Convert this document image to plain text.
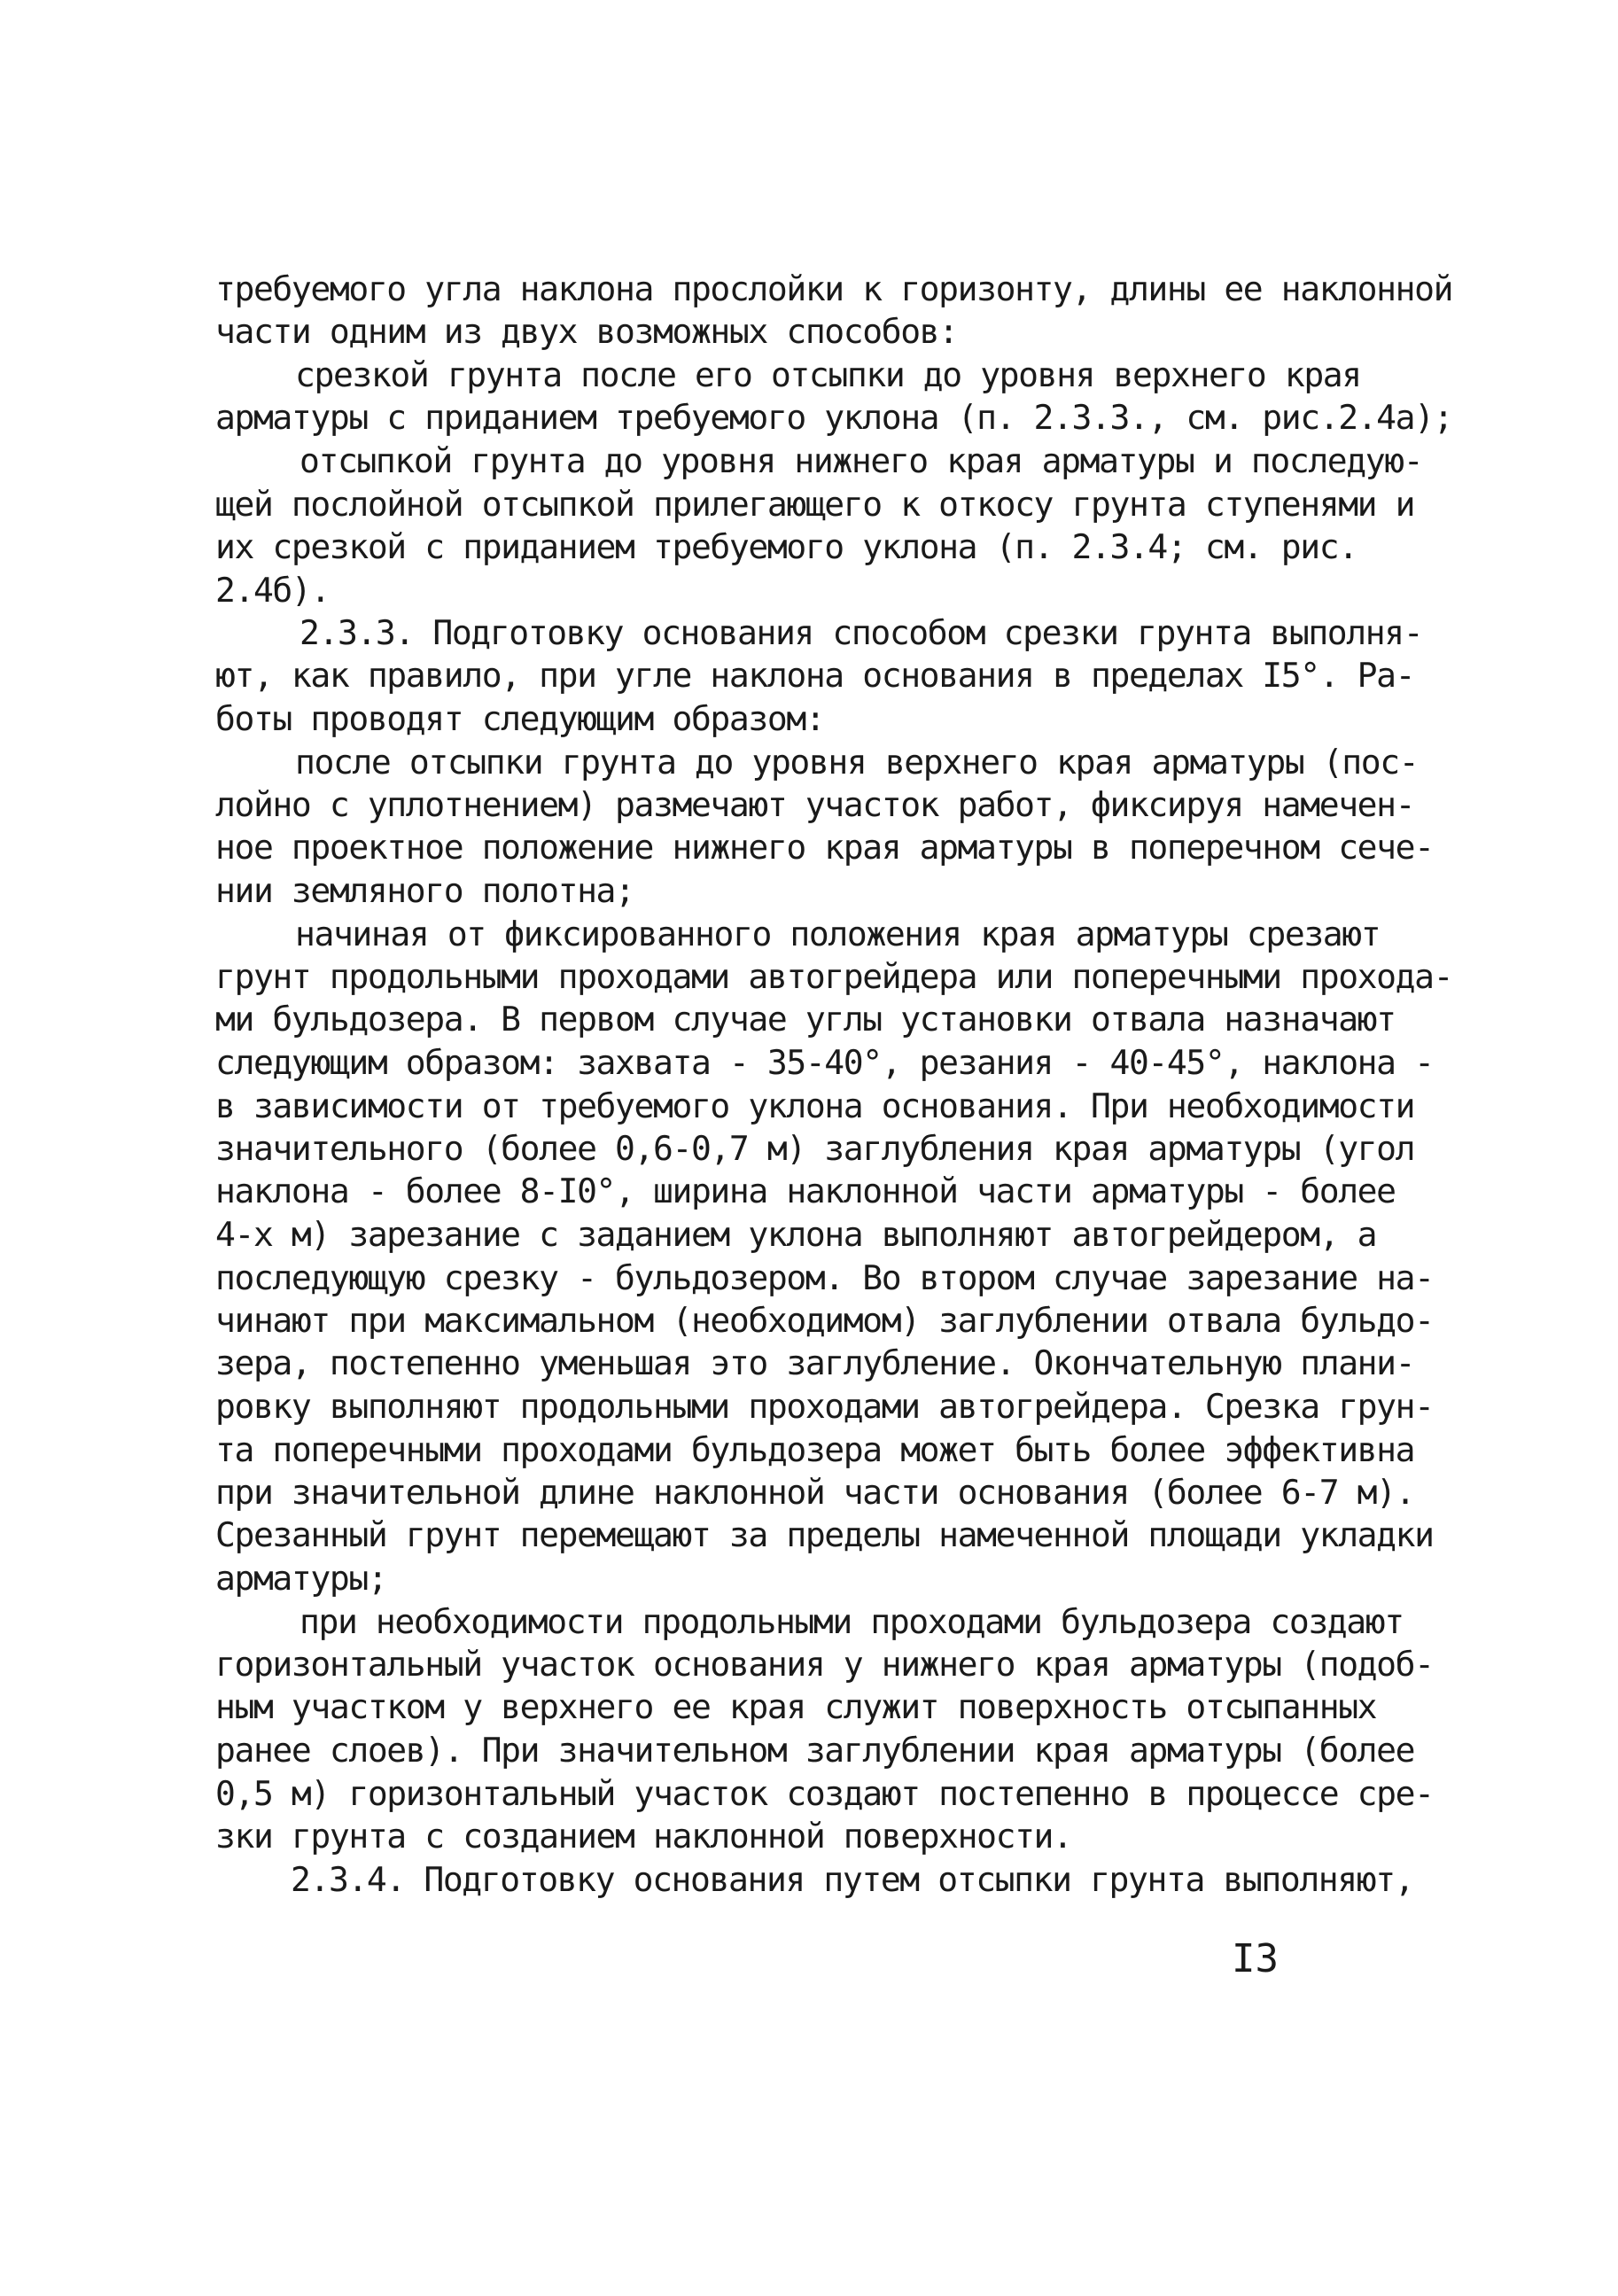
требуемого угла наклона прослойки к горизонту, длины ее наклонной
части одним из двух возможных способов:
срезкой грунта после его отсыпки до уровня верхнего края
арматуры с приданием требуемого уклона (п. 2.3.3., см. рис.2.4а);
отсыпкой грунта до уровня нижнего края арматуры и последую-
щей послойной отсыпкой прилегающего к откосу грунта ступенями и
их срезкой с приданием требуемого уклона (п. 2.3.4; см. рис.
2.4б).
2.3.3. Подготовку основания способом срезки грунта выполня-
ют, как правило, при угле наклона основания в пределах I5°. Ра-
боты проводят следующим образом:
после отсыпки грунта до уровня верхнего края арматуры (пос-
лойно с уплотнением) размечают участок работ, фиксируя намечен-
ное проектное положение нижнего края арматуры в поперечном сече-
нии земляного полотна;
начиная от фиксированного положения края арматуры срезают
грунт продольными проходами автогрейдера или поперечными прохода-
ми бульдозера. В первом случае углы установки отвала назначают
следующим образом: захвата - 35-40°, резания - 40-45°, наклона -
в зависимости от требуемого уклона основания. При необходимости
значительного (более 0,6-0,7 м) заглубления края арматуры (угол
наклона - более 8-I0°, ширина наклонной части арматуры - более
4-х м) зарезание с заданием уклона выполняют автогрейдером, а
последующую срезку - бульдозером. Во втором случае зарезание на-
чинают при максимальном (необходимом) заглублении отвала бульдо-
зера, постепенно уменьшая это заглубление. Окончательную плани-
ровку выполняют продольными проходами автогрейдера. Срезка грун-
та поперечными проходами бульдозера может быть более эффективна
при значительной длине наклонной части основания (более 6-7 м).
Срезанный грунт перемещают за пределы намеченной площади укладки
арматуры;
при необходимости продольными проходами бульдозера создают
горизонтальный участок основания у нижнего края арматуры (подоб-
ным участком у верхнего ее края служит поверхность отсыпанных
ранее слоев). При значительном заглублении края арматуры (более
0,5 м) горизонтальный участок создают постепенно в процессе сре-
зки грунта с созданием наклонной поверхности.
2.3.4. Подготовку основания путем отсыпки грунта выполняют,
I3
